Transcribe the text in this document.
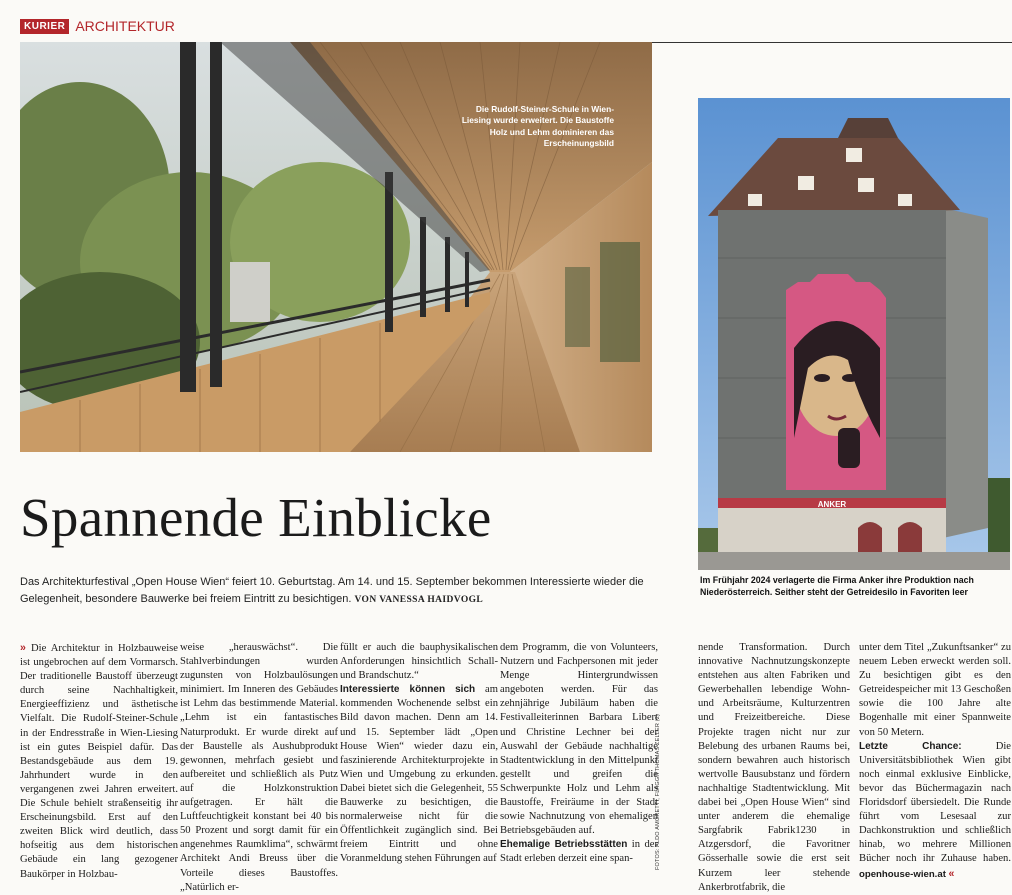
KURIER ARCHITEKTUR
Die Rudolf-Steiner-Schule in Wien-Liesing wurde erweitert. Die Baustoffe Holz und Lehm dominieren das Erscheinungsbild
ANKER
Im Frühjahr 2024 verlagerte die Firma Anker ihre Produktion nach Niederösterreich. Seither steht der Getreidesilo in Favoriten leer
FOTOS: ALDO AMORETTI, FLAGGITTHOMAS ZELLER (2)
Spannende Einblicke
Das Architekturfestival „Open House Wien“ feiert 10. Geburtstag. Am 14. und 15. September bekommen Interessierte wieder die Gelegenheit, besondere Bauwerke bei freiem Eintritt zu besichtigen. VON VANESSA HAIDVOGL

» Die Architektur in Holzbauweise ist ungebrochen auf dem Vormarsch. Der traditionelle Baustoff überzeugt durch seine Nachhaltigkeit, Energieeffizienz und ästhetische Vielfalt. Die Rudolf-Steiner-Schule in der Endresstraße in Wien-Liesing ist ein gutes Beispiel dafür. Das Bestandsgebäude aus dem 19. Jahrhundert wurde in den vergangenen zwei Jahren erweitert. Die Schule behielt straßenseitig ihr Erscheinungsbild. Erst auf den zweiten Blick wird deutlich, dass hofseitig aus dem historischen Gebäude ein lang gezogener Baukörper in Holzbau-

weise „herauswächst“. Die Stahlverbindungen wurden zugunsten von Holzbaulösungen minimiert. Im Inneren des Gebäudes ist Lehm das bestimmende Material. „Lehm ist ein fantastisches Naturprodukt. Er wurde direkt auf der Baustelle als Aushubprodukt gewonnen, mehrfach gesiebt und aufbereitet und schließlich als Putz auf die Holzkonstruktion aufgetragen. Er hält die Luftfeuchtigkeit konstant bei 40 bis 50 Prozent und sorgt damit für ein angenehmes Raumklima“, schwärmt Architekt Andi Breuss über die Vorteile dieses Baustoffes. „Natürlich er-

füllt er auch die bauphysikalischen Anforderungen hinsichtlich Schall- und Brandschutz.“

Interessierte können sich am kommenden Wochenende selbst ein Bild davon machen. Denn am 14. und 15. September lädt „Open House Wien“ wieder dazu ein, faszinierende Architekturprojekte in Wien und Umgebung zu erkunden. Dabei bietet sich die Gelegenheit, 55 Bauwerke zu besichtigen, die normalerweise nicht für die Öffentlichkeit zugänglich sind. Bei freiem Eintritt und ohne Voranmeldung stehen Führungen auf

dem Programm, die von Volunteers, Nutzern und Fachpersonen mit jeder Menge Hintergrundwissen angeboten werden. Für das zehnjährige Jubiläum haben die Festivalleiterinnen Barbara Libert und Christine Lechner bei der Auswahl der Gebäude nachhaltige Stadtentwicklung in den Mittelpunkt gestellt und greifen die Schwerpunkte Holz und Lehm als Baustoffe, Freiräume in der Stadt sowie Nachnutzung von ehemaligen Betriebsgebäuden auf.

Ehemalige Betriebsstätten in der Stadt erleben derzeit eine span-

nende Transformation. Durch innovative Nachnutzungskonzepte entstehen aus alten Fabriken und Gewerbehallen lebendige Wohn- und Arbeitsräume, Kulturzentren und Freizeitbereiche. Diese Projekte tragen nicht nur zur Belebung des urbanen Raums bei, sondern bewahren auch historisch wertvolle Bausubstanz und fördern nachhaltige Stadtentwicklung. Mit dabei bei „Open House Wien“ sind unter anderem die ehemalige Sargfabrik Fabrik1230 in Atzgersdorf, die Favoritner Gösserhalle sowie die erst seit Kurzem leer stehende Ankerbrotfabrik, die

unter dem Titel „Zukunftsanker“ zu neuem Leben erweckt werden soll. Zu besichtigen gibt es den Getreidespeicher mit 13 Geschoßen sowie die 100 Jahre alte Bogenhalle mit einer Spannweite von 50 Metern.

Letzte Chance:	Die Universitätsbibliothek Wien gibt noch einmal exklusive Einblicke, bevor das Büchermagazin nach Floridsdorf übersiedelt. Die Runde führt vom Lesesaal zur Dachkonstruktion und schließlich hinab, wo mehrere Millionen Bücher noch ihr Zuhause haben. openhouse-wien.at «
